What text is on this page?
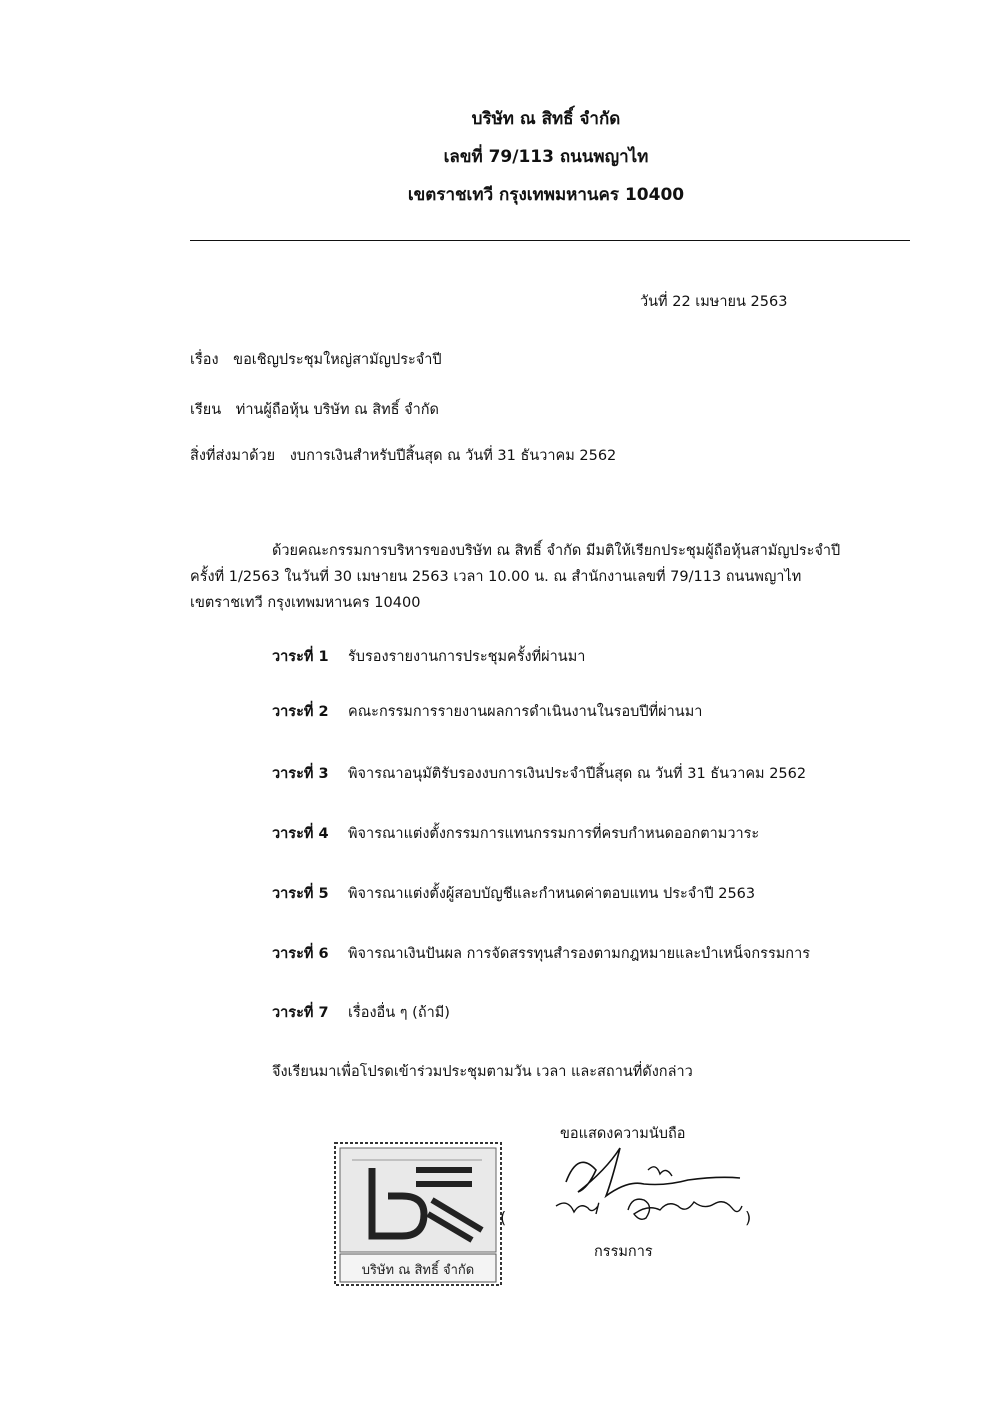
บริษัท ณ สิทธิ์ จำกัด
เลขที่ 79/113 ถนนพญาไท
เขตราชเทวี กรุงเทพมหานคร 10400
วันที่ 22 เมษายน 2563
เรื่อง ขอเชิญประชุมใหญ่สามัญประจำปี
เรียน ท่านผู้ถือหุ้น บริษัท ณ สิทธิ์ จำกัด
สิ่งที่ส่งมาด้วย งบการเงินสำหรับปีสิ้นสุด ณ วันที่ 31 ธันวาคม 2562
ด้วยคณะกรรมการบริหารของบริษัท ณ สิทธิ์ จำกัด มีมติให้เรียกประชุมผู้ถือหุ้นสามัญประจำปี
ครั้งที่ 1/2563 ในวันที่ 30 เมษายน 2563 เวลา 10.00 น. ณ สำนักงานเลขที่ 79/113 ถนนพญาไท
เขตราชเทวี กรุงเทพมหานคร 10400
วาระที่ 1 รับรองรายงานการประชุมครั้งที่ผ่านมา
วาระที่ 2 คณะกรรมการรายงานผลการดำเนินงานในรอบปีที่ผ่านมา
วาระที่ 3 พิจารณาอนุมัติรับรองงบการเงินประจำปีสิ้นสุด ณ วันที่ 31 ธันวาคม 2562
วาระที่ 4 พิจารณาแต่งตั้งกรรมการแทนกรรมการที่ครบกำหนดออกตามวาระ
วาระที่ 5 พิจารณาแต่งตั้งผู้สอบบัญชีและกำหนดค่าตอบแทน ประจำปี 2563
วาระที่ 6 พิจารณาเงินปันผล การจัดสรรทุนสำรองตามกฎหมายและบำเหน็จกรรมการ
วาระที่ 7 เรื่องอื่น ๆ (ถ้ามี)
จึงเรียนมาเพื่อโปรดเข้าร่วมประชุมตามวัน เวลา และสถานที่ดังกล่าว
ขอแสดงความนับถือ
บริษัท ณ สิทธิ์ จำกัด
(	)
กรรมการ
